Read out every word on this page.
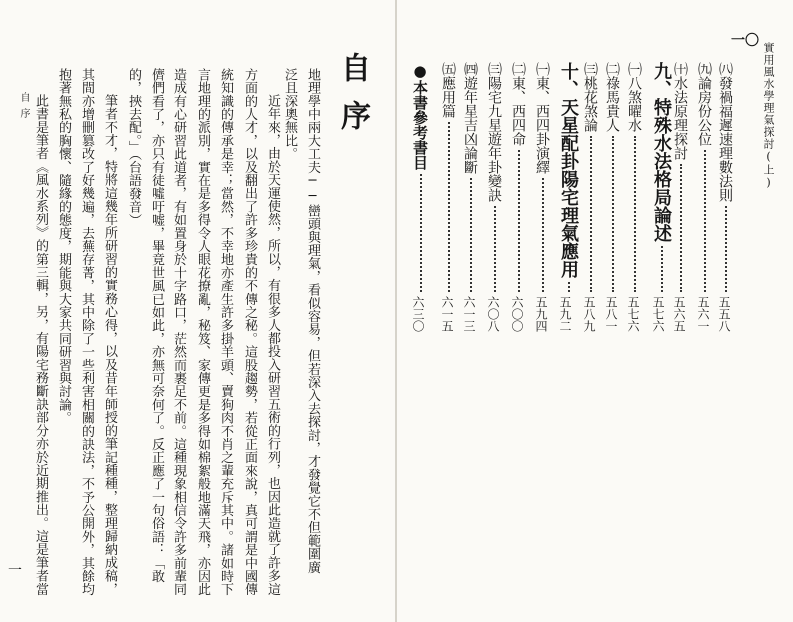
自序
地理學中兩大工夫──巒頭與理氣，看似容易，但若深入去探討，才發覺它不但範圍廣
泛且深奧無比。
近年來，由於天運使然，所以，有很多人都投入研習五術的行列，也因此造就了許多這
方面的人才，以及翻出了許多珍貴的不傳之秘。這股趨勢，若從正面來說，真可謂是中國傳
統知識的傳承是幸；當然，不幸地亦產生許多掛羊頭、賣狗肉不肖之輩充斥其中。諸如時下
言地理的派別，實在是多得令人眼花撩亂，秘笈、家傳更是多得如棉絮般地滿天飛，亦因此
造成有心研習此道者，有如置身於十字路口，茫然而裹足不前。這種現象相信令許多前輩同
儕們看了，亦只有徒噓吁嘘，畢竟世風已如此，亦無可奈何了。反正應了一句俗語：「敢
的，挾去配。」（台語發音）
筆者不才，特將這幾年所研習的實務心得，以及昔年師授的筆記種種，整理歸納成稿，
其間亦增刪篡改了好幾遍，去蕪存菁，其中除了一些利害相關的訣法，不予公開外，其餘均
抱著無私的胸懷、隨緣的態度，期能與大家共同研習與討論。
此書是筆者《風水系列》的第三輯，另，有陽宅務斷訣部分亦於近期推出。這是筆者當
自序
一
㈧發禍福遲速理數法則
五五八
㈨論房份公位
五六一
㈩水法原理探討
五六五
九、特殊水法格局論述
五七六
㈠八煞曜水
五七六
㈡祿馬貴人
五八一
㈢桃花煞論
五八九
十、天星配卦陽宅理氣應用
五九二
㈠東、西四卦演繹
五九四
㈡東、西四命
六〇〇
㈢陽宅九星遊年卦變訣
六〇八
㈣遊年星吉凶論斷
六一三
㈤應用篇
六一五
●本書參考書目
六三〇
實用風水學理氣探討(上)
一〇
